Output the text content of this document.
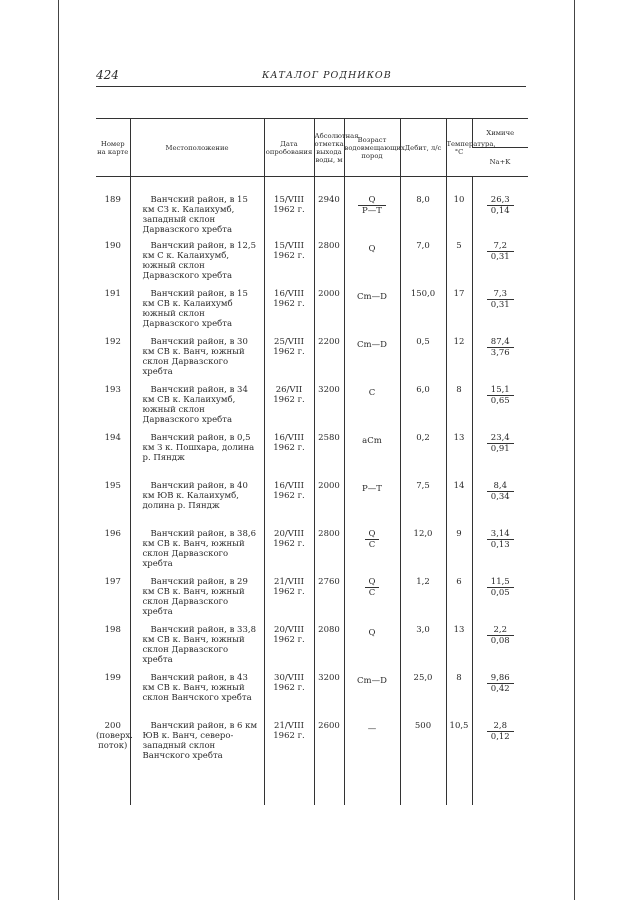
424	КАТАЛОГ РОДНИКОВ
Номер на карте	Местоположение	Дата опробования	Абсолютная отметка выхода воды, м	Возраст водовмещающих пород	Дебит, л/с	Температура, °С	Химиче
							Na+K
189	Ванчский район, в 15 км СЗ к. Калаихумб, западный склон Дарвазского хребта	15/VIII 1962 г.	2940	$\frac{Q}{P—T}$	8,0	10	$\frac{26,3}{0,14}$

190	Ванчский район, в 12,5 км С к. Калаихумб, южный склон Дарвазского хребта	15/VIII 1962 г.	2800	Q	7,0	5	$\frac{7,2}{0,31}$

191	Ванчский район, в 15 км СВ к. Калаихумб южный склон Дарвазского хребта	16/VIII 1962 г.	2000	Cm—D	150,0	17	$\frac{7,3}{0,31}$

192	Ванчский район, в 30 км СВ к. Ванч, южный склон Дарвазского хребта	25/VIII 1962 г.	2200	Cm—D	0,5	12	$\frac{87,4}{3,76}$

193	Ванчский район, в 34 км СВ к. Калаихумб, южный склон Дарвазского хребта	26/VII 1962 г.	3200	C	6,0	8	$\frac{15,1}{0,65}$

194	Ванчский район, в 0,5 км З к. Пошхара, долина р. Пяндж	16/VIII 1962 г.	2580	aCm	0,2	13	$\frac{23,4}{0,91}$

195	Ванчский район, в 40 км ЮВ к. Калаихумб, долина р. Пяндж	16/VIII 1962 г.	2000	P—T	7,5	14	$\frac{8,4}{0,34}$

196	Ванчский район, в 38,6 км СВ к. Ванч, южный склон Дарвазского хребта	20/VIII 1962 г.	2800	$\frac{Q}{C}$	12,0	9	$\frac{3,14}{0,13}$

197	Ванчский район, в 29 км СВ к. Ванч, южный склон Дарвазского хребта	21/VIII 1962 г.	2760	$\frac{Q}{C}$	1,2	6	$\frac{11,5}{0,05}$

198	Ванчский район, в 33,8 км СВ к. Ванч, южный склон Дарвазского хребта	20/VIII 1962 г.	2080	Q	3,0	13	$\frac{2,2}{0,08}$

199	Ванчский район, в 43 км СВ к. Ванч, южный склон Ванчского хребта	30/VIII 1962 г.	3200	Cm—D	25,0	8	$\frac{9,86}{0,42}$

200 (поверх. поток)	Ванчский район, в 6 км ЮВ к. Ванч, северо-западный склон Ванчского хребта	21/VIII 1962 г.	2600	—	500	10,5	$\frac{2,8}{0,12}$
